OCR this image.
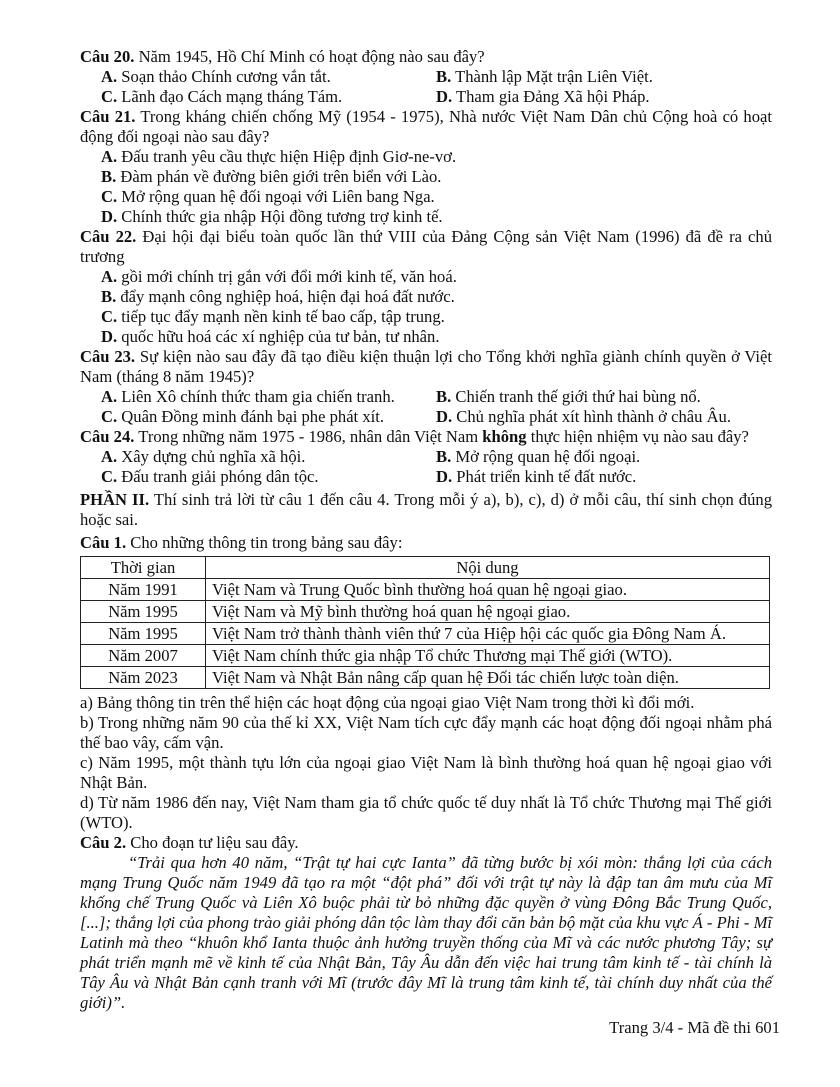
Câu 20. Năm 1945, Hồ Chí Minh có hoạt động nào sau đây?

A. Soạn thảo Chính cương vắn tắt.	B. Thành lập Mặt trận Liên Việt.
C. Lãnh đạo Cách mạng tháng Tám.	D. Tham gia Đảng Xã hội Pháp.

Câu 21. Trong kháng chiến chống Mỹ (1954 - 1975), Nhà nước Việt Nam Dân chủ Cộng hoà có hoạt động đối ngoại nào sau đây?

A. Đấu tranh yêu cầu thực hiện Hiệp định Giơ-ne-vơ.
B. Đàm phán về đường biên giới trên biển với Lào.
C. Mở rộng quan hệ đối ngoại với Liên bang Nga.
D. Chính thức gia nhập Hội đồng tương trợ kinh tế.

Câu 22. Đại hội đại biểu toàn quốc lần thứ VIII của Đảng Cộng sản Việt Nam (1996) đã đề ra chủ trương

A. gồi mới chính trị gắn với đổi mới kinh tế, văn hoá.
B. đẩy mạnh công nghiệp hoá, hiện đại hoá đất nước.
C. tiếp tục đẩy mạnh nền kinh tế bao cấp, tập trung.
D. quốc hữu hoá các xí nghiệp của tư bản, tư nhân.

Câu 23. Sự kiện nào sau đây đã tạo điều kiện thuận lợi cho Tổng khởi nghĩa giành chính quyền ở Việt Nam (tháng 8 năm 1945)?

A. Liên Xô chính thức tham gia chiến tranh.	B. Chiến tranh thế giới thứ hai bùng nổ.
C. Quân Đồng minh đánh bại phe phát xít.	D. Chủ nghĩa phát xít hình thành ở châu Âu.

Câu 24. Trong những năm 1975 - 1986, nhân dân Việt Nam không thực hiện nhiệm vụ nào sau đây?

A. Xây dựng chủ nghĩa xã hội.	B. Mở rộng quan hệ đối ngoại.
C. Đấu tranh giải phóng dân tộc.	D. Phát triển kinh tế đất nước.

PHẦN II. Thí sinh trả lời từ câu 1 đến câu 4. Trong mỗi ý a), b), c), d) ở mỗi câu, thí sinh chọn đúng hoặc sai.

Câu 1. Cho những thông tin trong bảng sau đây:

Thời gian	Nội dung
Năm 1991	Việt Nam và Trung Quốc bình thường hoá quan hệ ngoại giao.
Năm 1995	Việt Nam và Mỹ bình thường hoá quan hệ ngoại giao.
Năm 1995	Việt Nam trở thành thành viên thứ 7 của Hiệp hội các quốc gia Đông Nam Á.
Năm 2007	Việt Nam chính thức gia nhập Tổ chức Thương mại Thế giới (WTO).
Năm 2023	Việt Nam và Nhật Bản nâng cấp quan hệ Đối tác chiến lược toàn diện.

a) Bảng thông tin trên thể hiện các hoạt động của ngoại giao Việt Nam trong thời kì đổi mới.

b) Trong những năm 90 của thế kỉ XX, Việt Nam tích cực đẩy mạnh các hoạt động đối ngoại nhằm phá thế bao vây, cấm vận.

c) Năm 1995, một thành tựu lớn của ngoại giao Việt Nam là bình thường hoá quan hệ ngoại giao với Nhật Bản.

d) Từ năm 1986 đến nay, Việt Nam tham gia tổ chức quốc tế duy nhất là Tổ chức Thương mại Thế giới (WTO).

Câu 2. Cho đoạn tư liệu sau đây.

“Trải qua hơn 40 năm, “Trật tự hai cực Ianta” đã từng bước bị xói mòn: thắng lợi của cách mạng Trung Quốc năm 1949 đã tạo ra một “đột phá” đối với trật tự này là đập tan âm mưu của Mĩ khống chế Trung Quốc và Liên Xô buộc phải từ bỏ những đặc quyền ở vùng Đông Bắc Trung Quốc, [...]; thắng lợi của phong trào giải phóng dân tộc làm thay đổi căn bản bộ mặt của khu vực Á - Phi - Mĩ Latinh mà theo “khuôn khổ Ianta thuộc ảnh hưởng truyền thống của Mĩ và các nước phương Tây; sự phát triển mạnh mẽ về kinh tế của Nhật Bản, Tây Âu dẫn đến việc hai trung tâm kinh tế - tài chính là Tây Âu và Nhật Bản cạnh tranh với Mĩ (trước đây Mĩ là trung tâm kinh tế, tài chính duy nhất của thế giới)”.

Trang 3/4 - Mã đề thi 601
